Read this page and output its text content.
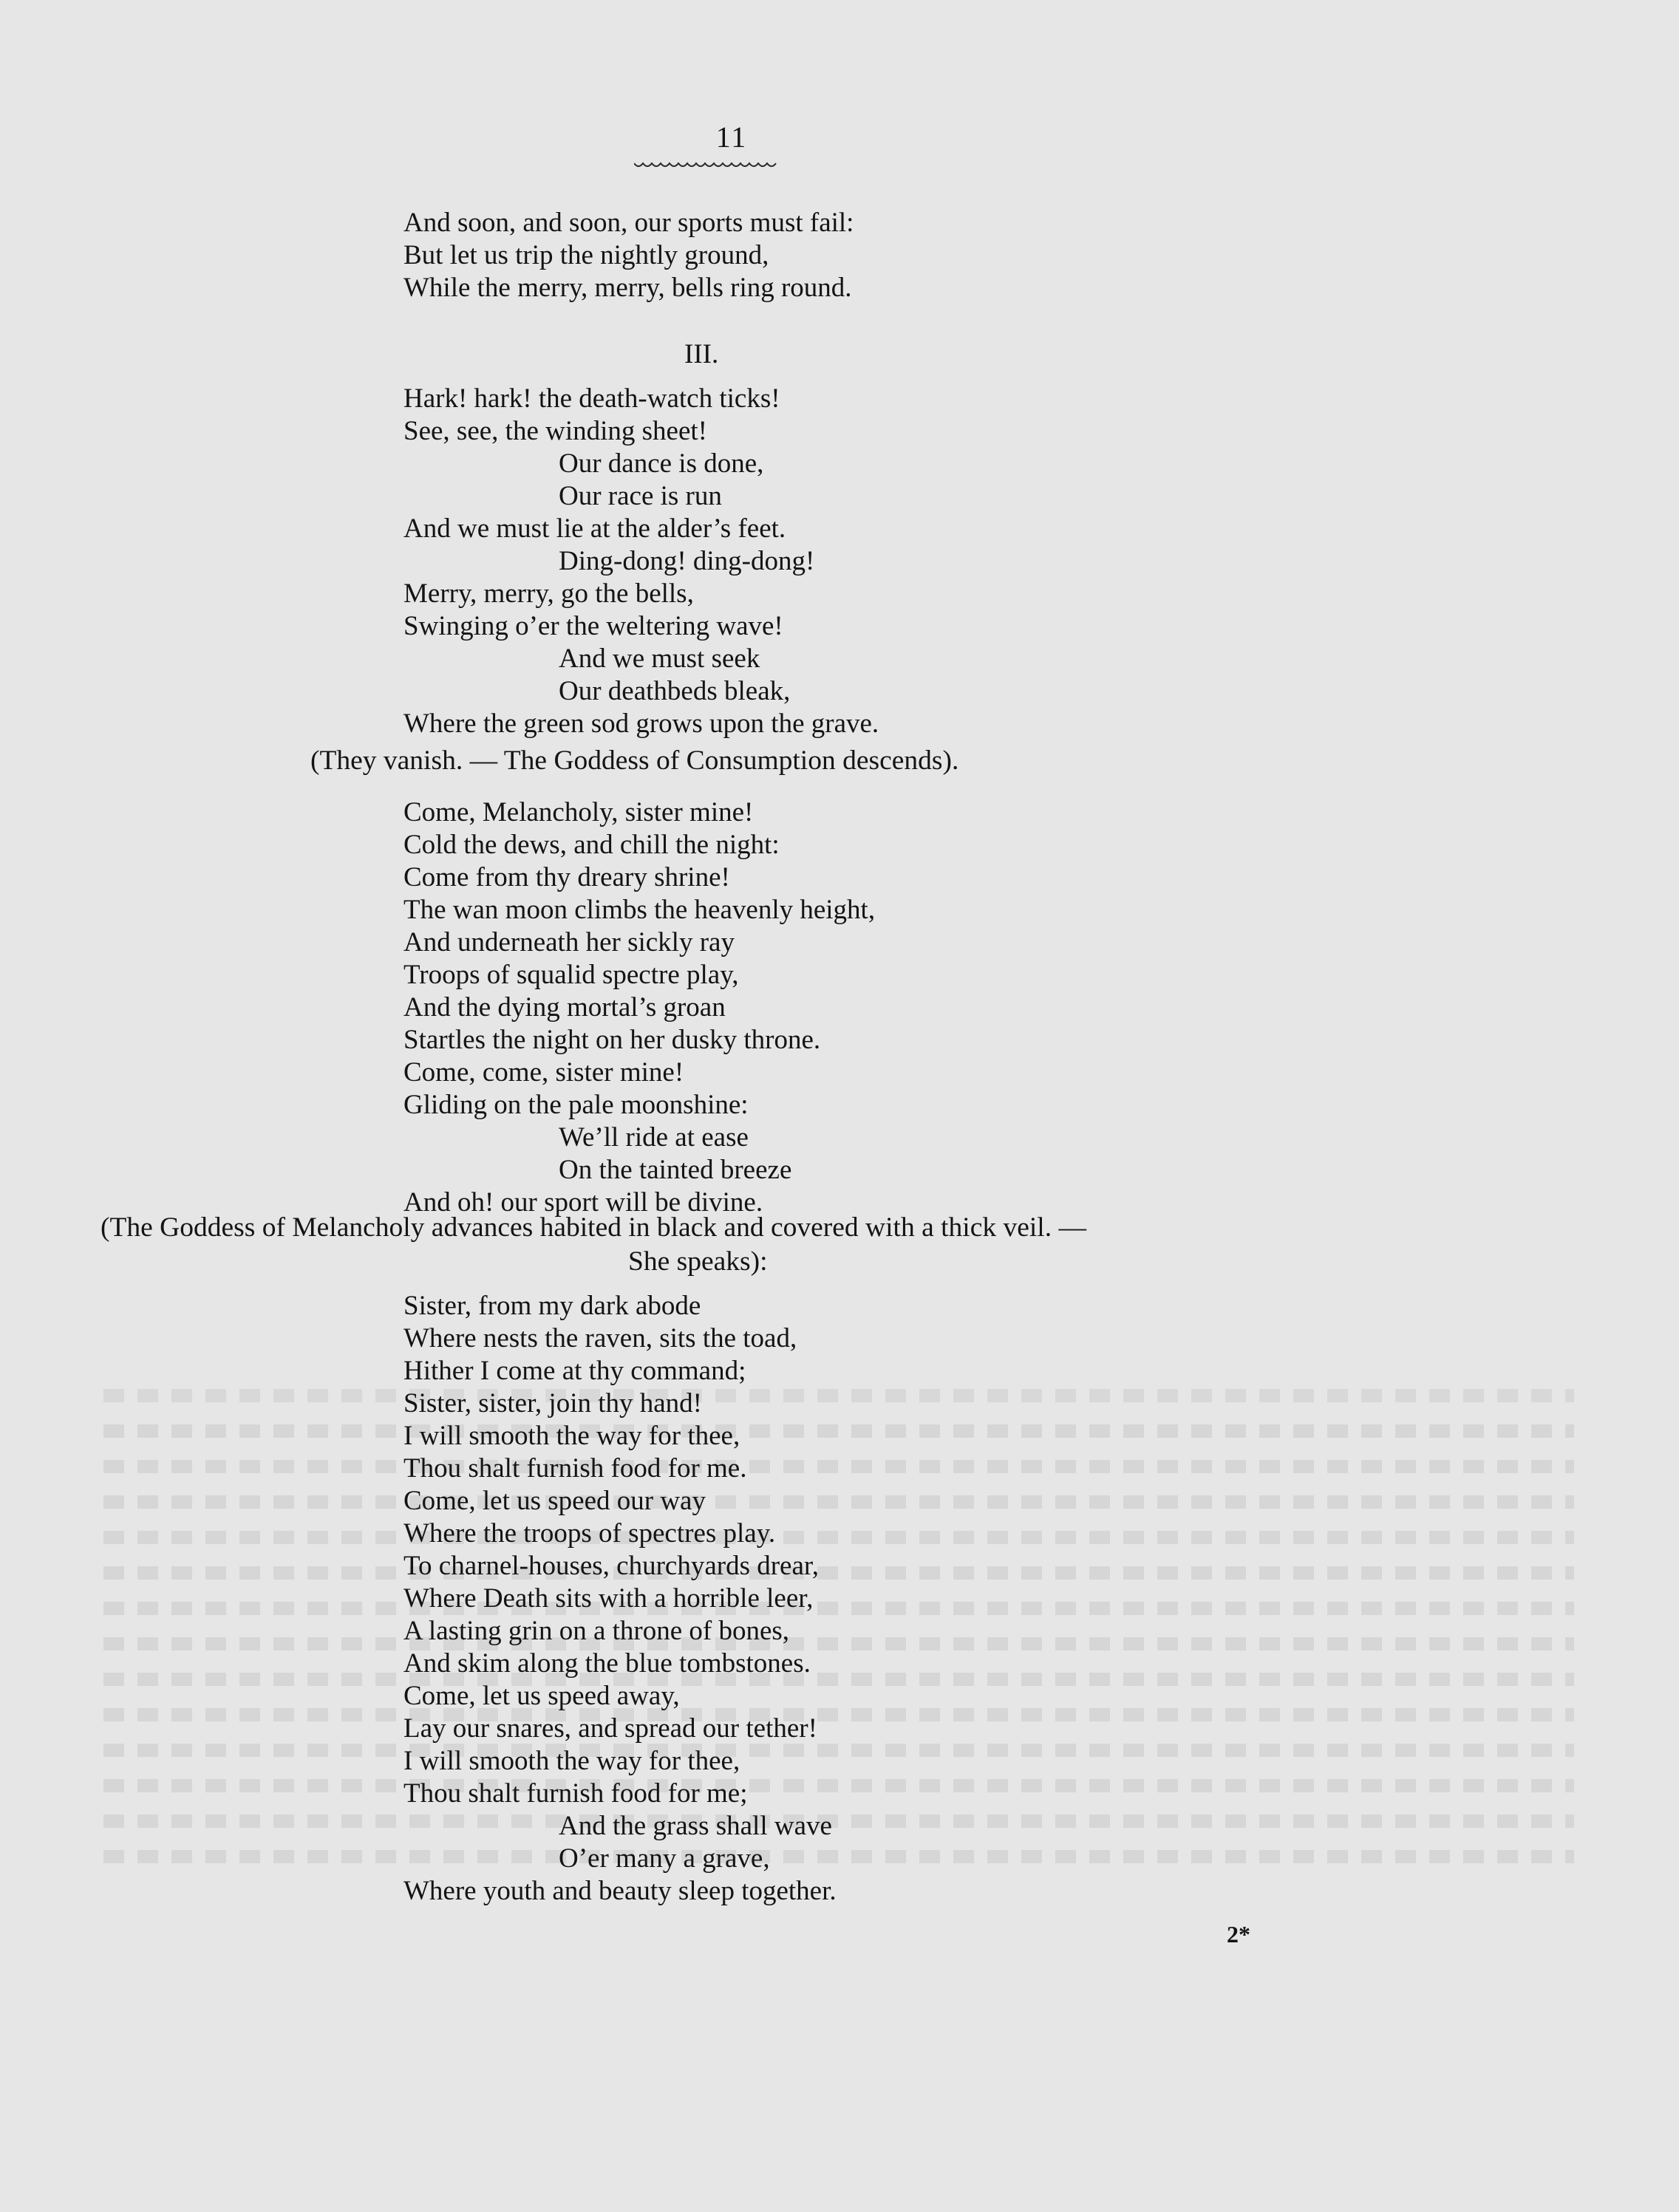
11
And soon, and soon, our sports must fail:
But let us trip the nightly ground,
While the merry, merry, bells ring round.
III.
Hark! hark! the death-watch ticks!
See, see, the winding sheet!
Our dance is done,
Our race is run
And we must lie at the alder’s feet.
Ding-dong! ding-dong!
Merry, merry, go the bells,
Swinging o’er the weltering wave!
And we must seek
Our deathbeds bleak,
Where the green sod grows upon the grave.
(They vanish. — The Goddess of Consumption descends).
Come, Melancholy, sister mine!
Cold the dews, and chill the night:
Come from thy dreary shrine!
The wan moon climbs the heavenly height,
And underneath her sickly ray
Troops of squalid spectre play,
And the dying mortal’s groan
Startles the night on her dusky throne.
Come, come, sister mine!
Gliding on the pale moonshine:
We’ll ride at ease
On the tainted breeze
And oh! our sport will be divine.
(The Goddess of Melancholy advances habited in black and covered with a thick veil. —
She speaks):
Sister, from my dark abode
Where nests the raven, sits the toad,
Hither I come at thy command;
Sister, sister, join thy hand!
I will smooth the way for thee,
Thou shalt furnish food for me.
Come, let us speed our way
Where the troops of spectres play.
To charnel-houses, churchyards drear,
Where Death sits with a horrible leer,
A lasting grin on a throne of bones,
And skim along the blue tombstones.
Come, let us speed away,
Lay our snares, and spread our tether!
I will smooth the way for thee,
Thou shalt furnish food for me;
And the grass shall wave
O’er many a grave,
Where youth and beauty sleep together.
2*
